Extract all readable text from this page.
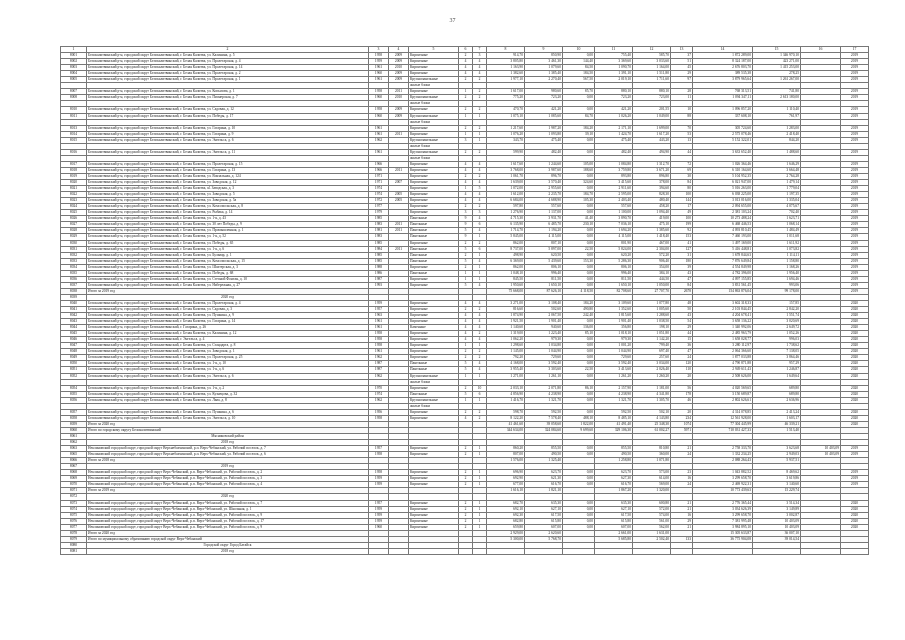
37
1	2	3	4	5	6	7	8	9	10	11	12	13	14	15	16	17
8001	Белокалитвинский р-н, городской округ Белокалитвинский, г. Белая Калитва, ул. Калинина, д. 5	1958	2009	Кирпичные	2	3	914,70	850,90	0,00	755,40	585,70	37	1 872 289,00	1 346 970,10		2019
8002	Белокалитвинский р-н, городской округ Белокалитвинский, г. Белая Калитва, ул. Пролетарская, д. 4	1959	2009	Кирпичные	4	4	3 805,80	3 461,30	144,40	3 369,60	3 033,60	51	8 324 187,00	423 271,00		2019
8003	Белокалитвинский р-н, городской округ Белокалитвинский, г. Белая Калитва, ул. Пролетарская, д. 14	1961	2010	Кирпичные	4	4	1 163,90	1 079,60	84,50	1 090,70	1 164,00	45	2 676 803,70	1 415 253,00		2019
8004	Белокалитвинский р-н, городской округ Белокалитвинский, г. Белая Калитва, ул. Пролетарская, д. 2	1960	2009	Кирпичные	4	4	1 382,60	1 385,40	184,50	1 391,10	1 511,80	29	389 535,38	278,25		2019
8005	Белокалитвинский р-н, городской округ Белокалитвинский, г. Белая Калитва, ул. Пролетарская, д. 1	1961	2009	Крупнопанельные	2	2	1 977,10	2 270,40	567,50	2 019,10	1 711,60	97	3 879 965,64	1 261 267,00		2019
				жилые блоки												
8007	Белокалитвинский р-н, городской округ Белокалитвинский, г. Белая Калитва, ул. Копылова, д. 1	1958	2011	Кирпичные	1	2	1 617,00	980,60	85,70	880,10	880,10	28	768 313,51	741,80		2019
8008	Белокалитвинский р-н, городской округ Белокалитвинский, г. Белая Калитва, ул. Пионерская, д. 7	1960	2010	Крупнопанельные	2	2	775,20	723,20	0,00	723,20	723,00	11	1 094 347,11	2 613 180,00		2019
				жилые блоки												
8010	Белокалитвинский р-н, городской округ Белокалитвинский, г. Белая Калитва, ул. Садовая, д. 12	1958	2009	Кирпичные	2	2	470,70	421,20	0,00	421,20	201,55	10	1 096 857,20	1 110,40		2019
8011	Белокалитвинский р-н, городской округ Белокалитвинский, г. Белая Калитва, ул. Победы, д. 17	1960	2009	Крупнопанельные	1	1	1 075,10	1 085,60	84,70	1 026,20	1 049,00	88	337 608,10	761,97		2019
				жилые блоки												
8013	Белокалитвинский р-н, городской округ Белокалитвинский, г. Белая Калитва, ул. Гагарина, д. 10	1961		Кирпичные	2	2	1 217,60	1 987,20	184,20	2 171,10	1 699,00	70	305 724,60	1 283,00		2019
8014	Белокалитвинский р-н, городской округ Белокалитвинский, г. Белая Калитва, ул. Гагарина, д. 9	1961	2011	Кирпичные	1	1	1 076,20	1 093,80	39,10	1 424,70	1 617,20	53	2 575 078,46	2 418,40		2019
8015	Белокалитвинский р-н, городской округ Белокалитвинский, г. Белая Калитва, ул. Энгельса, д. 6	1962		Крупнопанельные	3	1	343,70	475,40	0,00	475,40	443,20	13	5 152 322,01	844,20		2019
				жилые блоки												
8016	Белокалитвинский р-н, городской округ Белокалитвинский, г. Белая Калитва, ул. Энгельса, д. 11	1961		Крупнопанельные	2	2	599,90	482,40	0,00	482,40	494,90	44	3 633 652,40	1 488,60		2019
				жилые блоки												
8017	Белокалитвинский р-н, городской округ Белокалитвинский, г. Белая Калитва, ул. Пролетарская, д. 15	1966		Кирпичные	4	4	1 617,60	1 244,60	105,00	1 084,80	1 312,70	72	1 026 364,46	1 646,29		2019
8018	Белокалитвинский р-н, городской округ Белокалитвинский, г. Белая Калитва, ул. Гагарина, д. 13	1966	2011	Кирпичные	4	4	3 768,00	3 987,60	188,60	3 759,80	3 671,20	69	6 310 164,60	3 664,48		2019
8019	Белокалитвинский р-н, городской округ Белокалитвинский, г. Белая Калитва, ул. Вокзальная, д. 124	1971		Кирпичные	2	2	1 061,70	896,70	0,00	893,80	896,80	30	5 104 952,35	2 764,28		2019
8020	Белокалитвинский р-н, городской округ Белокалитвинский, г. Белая Калитва, ул. Заводская, д. 12	1971	2007	Кирпичные	4	4	1 639,00	3 570,40	324,60	3 415,60	378,00	84	6 021 947,00	1 479,14		2019
8021	Белокалитвинский р-н, городской округ Белокалитвинский, г. Белая Калитва, ul. Заводская, д. 3	1974		Кирпичные	1	5	1 072,00	2 955,60	0,00	2 911,60	394,60	80	5 016 263,00	1 779,04		2019
8022	Белокалитвинский р-н, городской округ Белокалитвинский, г. Белая Калитва, ул. Заводская, д. 5	1974	2005	Кирпичные	4	4	1 612,00	2 235,70	184,70	2 595,00	828,30	100	6 038 225,00	1 197,35		2019
8023	Белокалитвинский р-н, городской округ Белокалитвинский, г. Белая Калитва, ул. Заводская, д. 5а	1972	2005	Кирпичные	4	4	6 684,00	4 688,90	105,30	2 403,40	480,40	144	3 013 016,00	1 335,04		2019
8024	Белокалитвинский р-н, городской округ Белокалитвинский, г. Белая Калитва, ул. Комсомольская, д. 8	1977		Кирпичные	2	2	597,80	557,60	0,00	557,60	458,20	17	2 094 655,00	4 075,67		2019
8025	Белокалитвинский р-н, городской округ Белокалитвинский, г. Белая Калитва, ул. Рыбака, д. 14	1979		Кирпичные	3	3	1 276,90	1 137,00	0,00	1 100,00	1 094,40	49	2 381 103,24	702,40		2019
8026	Белокалитвинский р-н, городской округ Белокалитвинский, г. Белая Калитва, ул. 1-я, д. 43	1985		Панельные	9	4	4 715,30	3 931,70	41,40	3 890,70	419,00	100	10 273 488,24	1 623,71		2019
8027	Белокалитвинский р-н, городской округ Белокалитвинский, г. Белая Калитва, ул. 30 лет Победы, д. 9	1983	2011	Панельные	9	6	6 135,90	6 485,70	230,10	7 036,10	475,10	199	6 468 446,53	1 068,14		2019
8028	Белокалитвинский р-н, городской округ Белокалитвинский, г. Белая Калитва, ул. Промышленная, д. 1	1981	2011	Панельные	5	4	1 714,70	1 194,20	0,00	1 694,20	1 385,60	92	4 093 810,45	1 484,49		2019
8029	Белокалитвинский р-н, городской округ Белокалитвинский, г. Белая Калитва, ул. 1-я, д. 52	1983		Панельные	9	1	5 845,00	4 115,00	0,00	4 115,00	1 418,40	153	7 460 193,00	1 011,68		2019
8030	Белокалитвинский р-н, городской округ Белокалитвинский, г. Белая Калитва, ул. Победы, д. 65	1985		Кирпичные	2	2	862,00	807,10	0,00	801,90	467,00	41	1 497 169,00	1 611,92		2019
8031	Белокалитвинский р-н, городской округ Белокалитвинский, г. Белая Калитва, ул. 1-я, д. 6	1984	2011	Панельные	5	6	8 737,00	5 897,00	22,50	5 824,00	2 304,00	127	5 416 448,81	1 073,82		2019
8032	Белокалитвинский р-н, городской округ Белокалитвинский, г. Белая Калитва, ул. Бульвар, д. 1	1985		Панельные	2	1	498,90	620,50	0,00	620,20	572,20	31	1 678 844,63	1 114,11		2019
8033	Белокалитвинский р-н, городской округ Белокалитвинский, г. Белая Калитва, ул. Комсомольская, д. 15	1985		Панельные	5	4	6 369,00	5 439,60	153,30	5 286,30	906,40	180	7 876 649,84	1 158,80		2019
8034	Белокалитвинский р-н, городской округ Белокалитвинский, г. Белая Калитва, ул. Шахтерская, д. 3	1988		Кирпичные	2	1	862,00	806,10	0,00	806,10	354,00	39	4 554 849,98	1 168,26		2019
8035	Белокалитвинский р-н, городской округ Белокалитвинский, г. Белая Калитва, ул. Победы, д. 68	1986		Панельные	1	1	1 048,10	996,40	0,00	996,40	384,10	43	4 782 396,00	1 956,40		2019
8036	Белокалитвинский р-н, городской округ Белокалитвинский, г. Белая Калитва, ул. Степной Фонтан, д. 10	1987		Кирпичные	1	1	845,50	811,50	0,00	811,50	444,50	47	4 097 155,85	1 694,46		2019
8037	Белокалитвинский р-н, городской округ Белокалитвинский, г. Белая Калитва, ул. Набережная, д. 27	1993		Кирпичные	5	4	1 950,60	1 650,10	0,00	1 650,10	1 050,00	84	3 831 561,45	993,06		2019
8038	Итого за 2019 год						75 668,00	87 626,10	4 118,50	82 708,60	27 707,70	2678	154 863 876,04	99 178,00		2019
8039	2020 год															
8040	Белокалитвинский р-н, городской округ Белокалитвинский, г. Белая Калитва, ул. Пролетарская, д. 4	1959		Кирпичные	4	4	3 271,00	3 108,40	184,20	3 109,60	1 077,80	48	3 602 318,33	157,85		2020
8041	Белокалитвинский р-н, городской округ Белокалитвинский, г. Белая Калитва, ул. Садовая, д. 3	1957		Кирпичные	2	2	816,60	502,60	490,80	1 352,60	1 005,60	50	2 103 844,45	2 842,20		2020
8042	Белокалитвинский р-н, городской округ Белокалитвинский, г. Белая Калитва, ул. Пушкина, д. 9	1963		Кирпичные	4	4	1 874,90	2 067,50	242,40	1 815,60	1 288,60	43	4 204 678,41	1 551,74		2020
8043	Белокалитвинский р-н, городской округ Белокалитвинский, г. Белая Калитва, ул. Гагарина, д. 14	1961		Кирпичные	4	4	1 921,50	1 901,40	0,00	1 901,40	1 038,50	54	3 658 136,22	3 020,69		2020
8044	Белокалитвинский р-н, городской округ Белокалитвинский, г. Гагарина, д. 26	1961		Каменные	4	4	1 140,60	940,60	136,00	356,80	198,10	29	1 340 992,06	2 649,72		2020
8045	Белокалитвинский р-н, городской округ Белокалитвинский, г. Белая Калитва, ул. Калинина, д. 12	1958		Кирпичные	4	2	1 319,00	1 223,40	85,10	1 018,10	1 051,80	44	2 485 963,79	1 052,26		2020
8046	Белокалитвинский р-н, городской округ Белокалитвинский, г. Энгельса, д. 4	1958		Кирпичные	4	4	1 062,20	979,30	0,00	979,30	1 142,20	15	1 658 028,77	996,03		2020
8047	Белокалитвинский р-н, городской округ Белокалитвинский, г. Белая Калитва, ул. Стандарта, д. 8	1958		Кирпичные	1	1	1 298,60	1 034,80	0,00	1 001,20	799,40	36	3 280 112,97	1 738,62		2020
8048	Белокалитвинский р-н, городской округ Белокалитвинский, г. Белая Калитва, ул. Заводская, д. 1	1961		Кирпичные	2	2	1 145,00	1 044,90	0,00	1 044,90	697,40	47	2 064 366,60	7 138,05		2020
8049	Белокалитвинский р-н, городской округ Белокалитвинский, г. Белая Калитва, ул. Пролетарская, д. 25	1962		Кирпичные	2	2	792,20	729,60	0,00	729,60	257,60	24	1 877 033,88	3 864,46		2020
8050	Белокалитвинский р-н, городской округ Белокалитвинский, г. Белая Калитва, ул. 1-я, д. 10	1987		Панельные	5	4	4 168,00	3 592,40	0,00	3 592,40	3 034,00	120	4 790 871,88	957,29		2020
8051	Белокалитвинский р-н, городской округ Белокалитвинский, г. Белая Калитва, ул. 1-я, д. 6	1987		Панельные	5	4	3 955,40	3 303,60	22,50	3 413,60	2 026,40	110	2 949 611,43	1 246,87		2020
8052	Белокалитвинский р-н, городской округ Белокалитвинский, г. Белая Калитва, ул. Энгельса, д. 6	1962		Крупнопанельные	1	1	1 271,00	1 261,10	0,00	1 261,20	1 260,20	20	2 508 626,00	1 649,64		2020
				жилые блоки												
8054	Белокалитвинский р-н, городской округ Белокалитвинский, г. Белая Калитва, ул. 1-я, д. 2	1970		Кирпичные	2	10	2 033,10	2 071,80	86,10	2 157,90	1 181,00	56	4 020 569,65	689,80		2020
8055	Белокалитвинский р-н, городской округ Белокалитвинский, г. Белая Калитва, ул. Кузнецова, д. 32	1974		Панельные	5	6	4 856,90	4 238,90	0,00	4 238,90	4 341,80	178	3 150 689,87	689,80		2020
8056	Белокалитвинский р-н, городской округ Белокалитвинский, г. Белая Калитва, ул. Льва, д. 8	1962		Крупнопанельные	1	1	1 416,70	1 321,70	0,00	1 321,70	1 305,70	46	2 802 626,61	2 636,96		2020
				жилые блоки												
8057	Белокалитвинский р-н, городской округ Белокалитвинский, г. Белая Калитва, ул. Пушкина, д. 6	1956		Кирпичные	2	2	598,70	592,50	0,00	592,50	502,10	20	4 314 078,85	2 413,24		2020
8058	Белокалитвинский р-н, городской округ Белокалитвинский, г. Белая Калитва, ул. Энгельса, д. 10	1958		Кирпичные	4	2	8 122,20	7 578,40	488,10	8 485,10	4 143,80	234	12 561 928,00	1 603,17		2020
8059	Итого за 2020 год						41 461,60	39 058,60	1 822,00	41 491,40	25 348,30	1074	77 304 445,99	46 339,21		2020
8060	Итого по городскому округу Белокалитвинский						344 634,00	324 084,60	9 699,60	329 106,30	61 002,27	5971	710 031 427,33	1 513,40		
8061	Мясниковский район															
8062	2018 год															
8063	Неклиновский городской округ, городской округ Верхнебахчинский, р.п. Верх-Чебанский, ул. Рабочий поселок, д. 7	1957		Кирпичные	2	1	860,20	855,50	0,00	855,50	810,80	21	2 758 333,70	3 623,68	10 403,09	2019
8065	Неклиновский городской округ, городской округ Верхнебахчинский, р.п. Верх-Чебанский, ул. Рабочий поселок, д. 6	1958		Кирпичные	2	1	807,00	490,50	0,00	490,50	360,00	24	1 332 234,25	2 949,03	10 403,09	2019
8066	Итого за 2018 год						1 576,00	1 325,40		1 258,80	1 071,80		2 088 264,43	5 937,51		
8067	2019 год															
8068	Неклиновский городской округ, городской округ Верх-Чебанский, р.п. Верх-Чебанский, ул. Рабочий поселок, д. 2	1958		Кирпичные	2	1	696,90	623,70	0,00	623,70	573,00	23	1 043 882,52	8 469,62		2019
8069	Неклиновский городской округ, городской округ Верх-Чебанский, р.п. Верх-Чебанский, ул. Рабочий поселок, д. 3	1959		Кирпичные	2	1	692,90	621,30	0,00	627,30	614,00	16	3 299 658,70	3 619,86		2019
8070	Неклиновский городской округ, городской округ Верх-Чебанский, р.п. Верх-Чебанский, ул. Рабочий поселок, д. 4	1959		Кирпичные	2	1	677,00	616,70	0,00	616,70	569,00	24	2 469 922,31	3 140,60		2019
8071	Итого за 2019 год						1 616,10	1 821,10		1 867,20	1 320,00		10 773 439,63	15 229,74		
8072	2020 год															
8073	Неклиновский городской округ, городской округ Верх-Чебанский, р.п. Верх-Чебанский, ул. Рабочий поселок, д. 7	1957		Кирпичные	2	1	682,70	635,30	0,00	635,30	600,80	21	2 776 365,44	3 514,34		2020
8074	Неклиновский городской округ, городской округ Верх-Чебанский, р.п. Верх-Чебанский, ул. Школьная, д. 1	1959		Кирпичные	2	1	692,10	627,10	0,00	627,10	572,00	21	3 034 626,39	3 149,89		2020
8075	Неклиновский городской округ, городской округ Верх-Чебанский, р.п. Верх-Чебанский, ул. Рабочий поселок, д. 9	1959		Кирпичные	2	1	692,30	617,50	0,00	617,50	574,00	16	3 299 658,70	3 002,87		2020
8076	Неклиновский городской округ, городской округ Верх-Чебанский, р.п. Верх-Чебанский, ул. Рабочий поселок, д. 17	1959		Кирпичные	2	1	682,80	615,80	0,00	615,80	561,00	29	7 381 995,48	10 403,09		2020
8077	Неклиновский городской округ, городской округ Верх-Чебанский, р.п. Верх-Чебанский, ул. Рабочий поселок, д. 9	1960		Кирпичные	2	1	659,80	607,00	0,00	607,00	562,00	21	3 984 895,10	10 403,09		2020
8078	Итого за 2020 год						2 929,00	2 620,60		2 661,00	1 631,00		15 305 633,87	36 007,10		
8079	Итого по муниципальному образованию городской округ Верх-Чебанский						5 300,00	5 768,70		5 685,80	2 502,40	133	36 775 904,08	39 014,54		
8080	Городской округ Город Батайск															
8081	2018 год															
